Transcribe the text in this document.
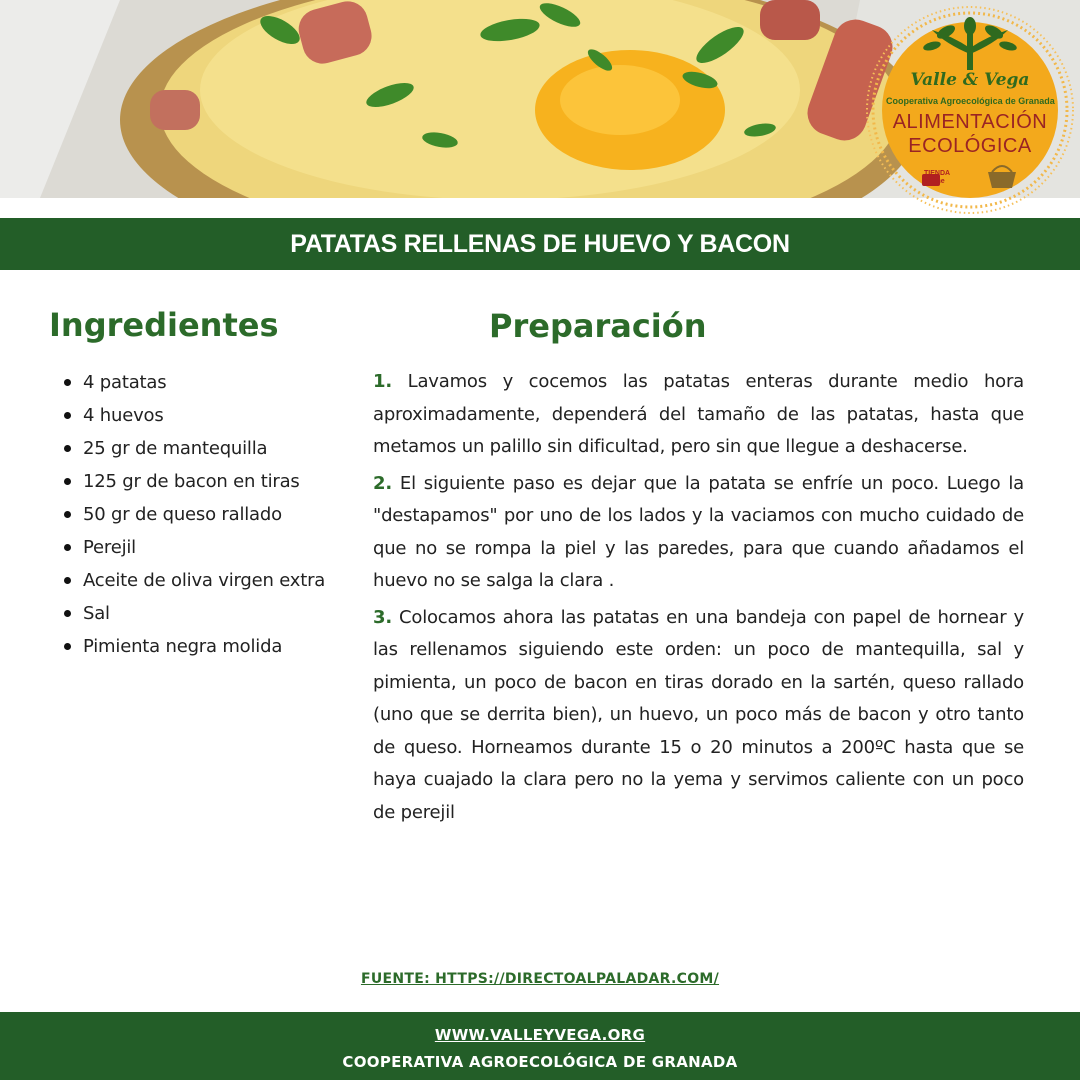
Valle & Vega
Cooperativa Agroecológica de Granada
ALIMENTACIÓN
ECOLÓGICA
TIENDA
online
PATATAS RELLENAS DE HUEVO Y BACON
Ingredientes	Preparación
4 patatas
4 huevos
25 gr de mantequilla
125 gr de bacon en tiras
50 gr de queso rallado
Perejil
Aceite de oliva virgen extra
Sal
Pimienta negra molida

1. Lavamos y cocemos las patatas enteras durante medio hora aproximadamente, dependerá del tamaño de las patatas, hasta que metamos un palillo sin dificultad, pero sin que llegue a deshacerse.

2. El siguiente paso es dejar que la patata se enfríe un poco. Luego la "destapamos" por uno de los lados y la vaciamos con mucho cuidado de que no se rompa la piel y las paredes, para que cuando añadamos el huevo no se salga la clara .

3. Colocamos ahora las patatas en una bandeja con papel de hornear y las rellenamos siguiendo este orden: un poco de mantequilla, sal y pimienta, un poco de bacon en tiras dorado en la sartén, queso rallado (uno que se derrita bien), un huevo, un poco más de bacon y otro tanto de queso. Horneamos durante 15 o 20 minutos a 200ºC hasta que se haya cuajado la clara pero no la yema y servimos caliente con un poco de perejil

FUENTE: HTTPS://DIRECTOALPALADAR.COM/
WWW.VALLEYVEGA.ORG
COOPERATIVA AGROECOLÓGICA DE GRANADA
